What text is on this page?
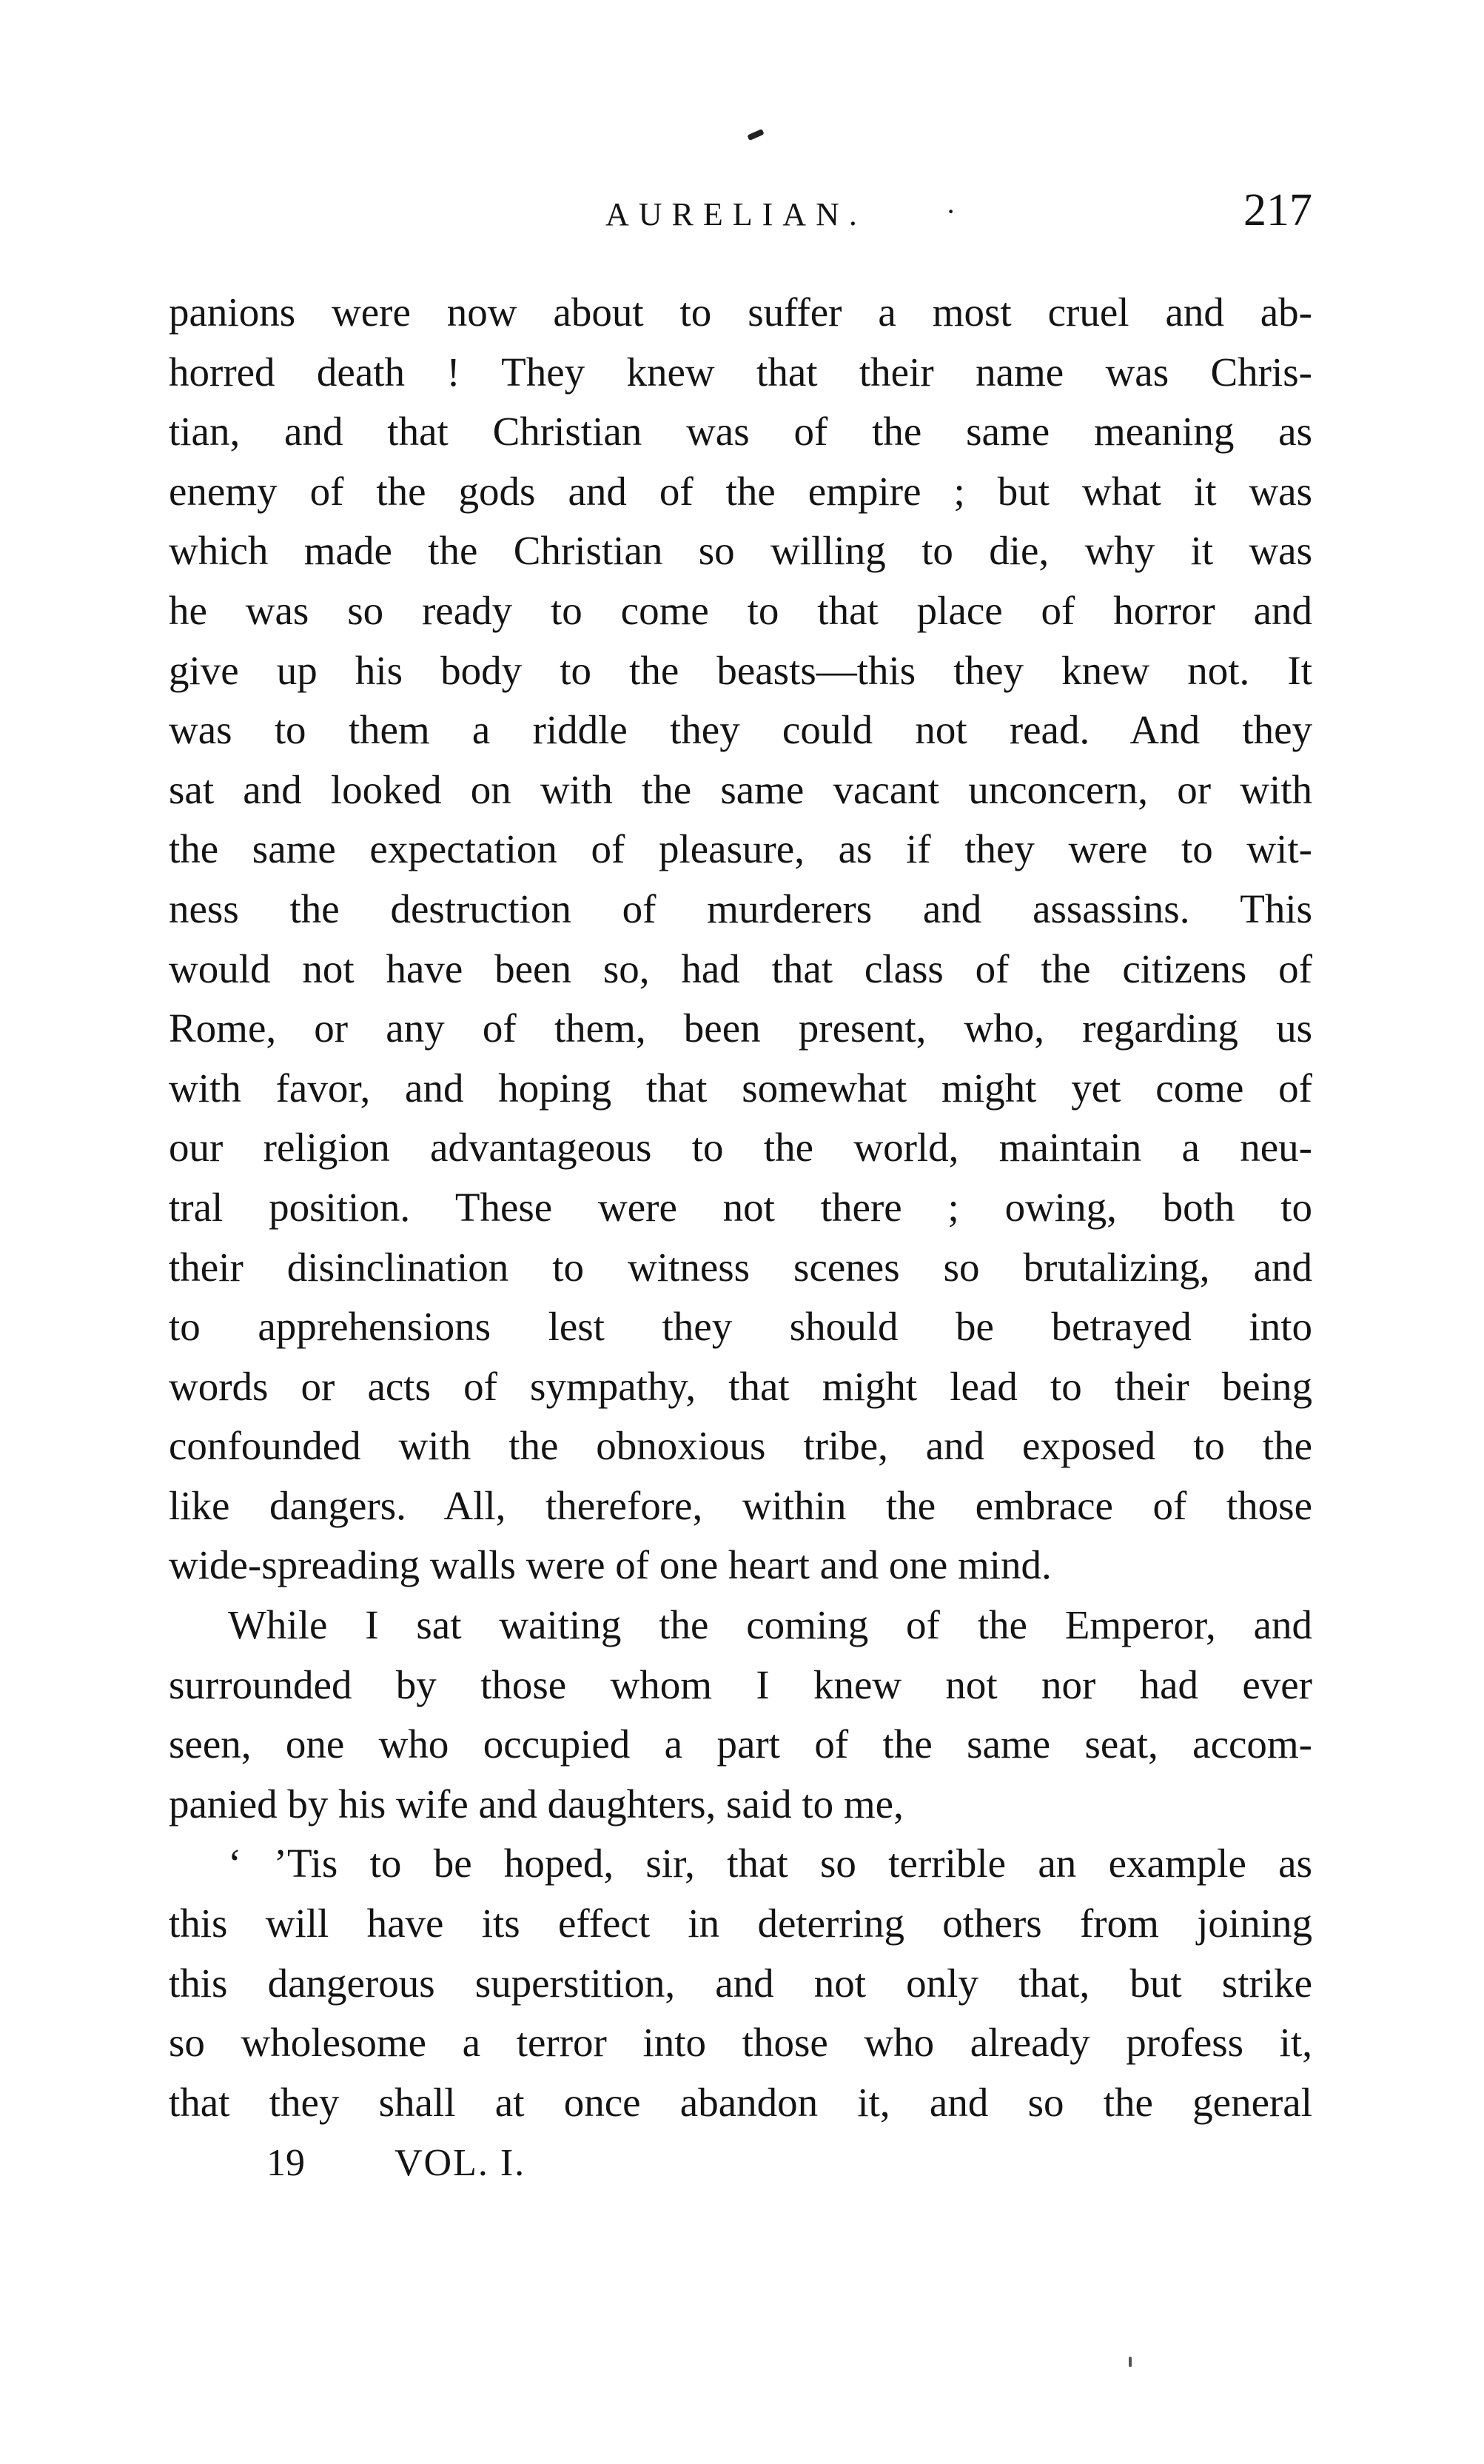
AURELIAN.	·	217
panions were now about to suffer a most cruel and ab-
horred death ! They knew that their name was Chris-
tian, and that Christian was of the same meaning as
enemy of the gods and of the empire ; but what it was
which made the Christian so willing to die, why it was
he was so ready to come to that place of horror and
give up his body to the beasts—this they knew not. It
was to them a riddle they could not read. And they
sat and looked on with the same vacant unconcern, or with
the same expectation of pleasure, as if they were to wit-
ness the destruction of murderers and assassins. This
would not have been so, had that class of the citizens of
Rome, or any of them, been present, who, regarding us
with favor, and hoping that somewhat might yet come of
our religion advantageous to the world, maintain a neu-
tral position. These were not there ; owing, both to
their disinclination to witness scenes so brutalizing, and
to apprehensions lest they should be betrayed into
words or acts of sympathy, that might lead to their being
confounded with the obnoxious tribe, and exposed to the
like dangers. All, therefore, within the embrace of those
wide-spreading walls were of one heart and one mind.
While I sat waiting the coming of the Emperor, and
surrounded by those whom I knew not nor had ever
seen, one who occupied a part of the same seat, accom-
panied by his wife and daughters, said to me,
‘ ’Tis to be hoped, sir, that so terrible an example as
this will have its effect in deterring others from joining
this dangerous superstition, and not only that, but strike
so wholesome a terror into those who already profess it,
that they shall at once abandon it, and so the general
19 VOL. I.
